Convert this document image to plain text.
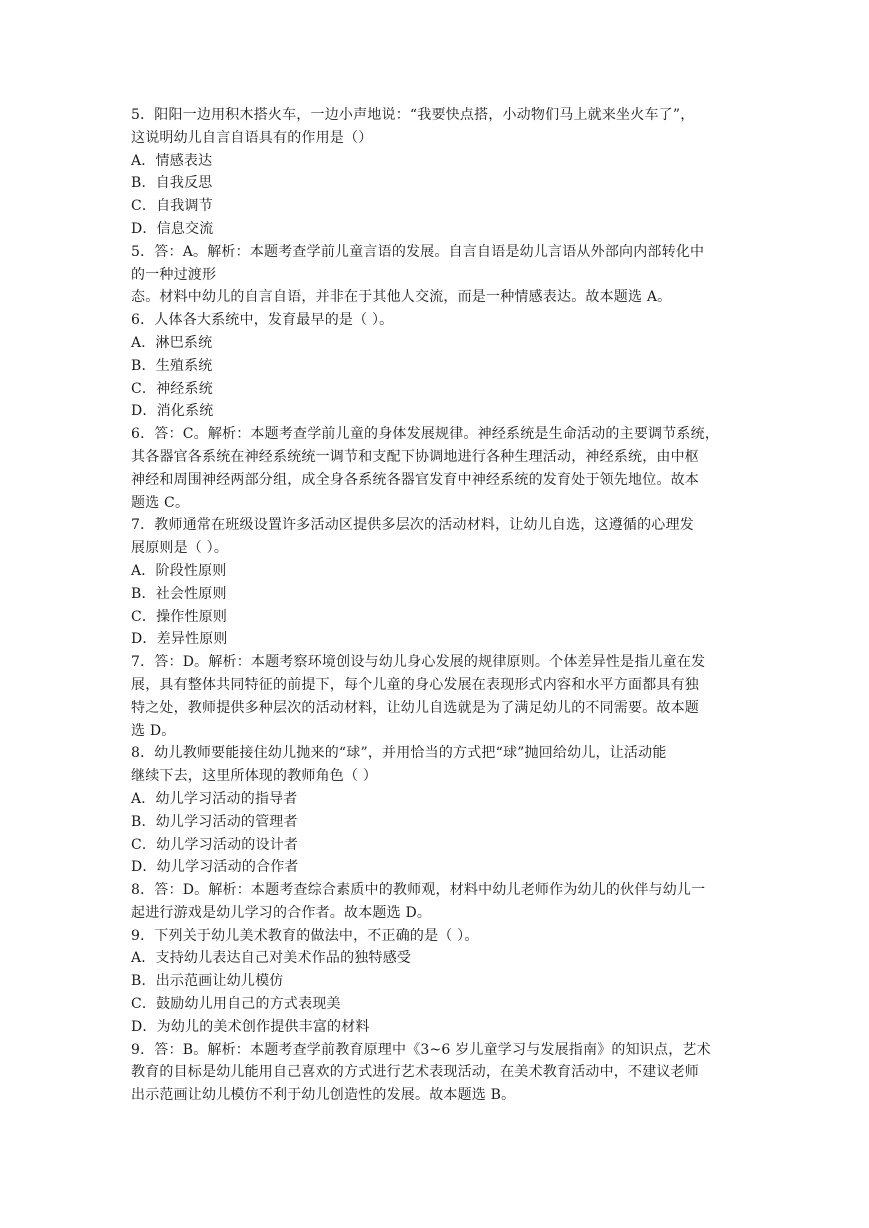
5．阳阳一边用积木搭火车，一边小声地说：“我要快点搭，小动物们马上就来坐火车了”，
这说明幼儿自言自语具有的作用是（）
A．情感表达
B．自我反思
C．自我调节
D．信息交流
5．答：A。解析：本题考查学前儿童言语的发展。自言自语是幼儿言语从外部向内部转化中
的一种过渡形
态。材料中幼儿的自言自语，并非在于其他人交流，而是一种情感表达。故本题选 A。
6．人体各大系统中，发育最早的是（ ）。
A．淋巴系统
B．生殖系统
C．神经系统
D．消化系统
6．答：C。解析：本题考查学前儿童的身体发展规律。神经系统是生命活动的主要调节系统，
其各器官各系统在神经系统统一调节和支配下协调地进行各种生理活动，神经系统，由中枢
神经和周围神经两部分组，成全身各系统各器官发育中神经系统的发育处于领先地位。故本
题选 C。
7．教师通常在班级设置许多活动区提供多层次的活动材料，让幼儿自选，这遵循的心理发
展原则是（ ）。
A．阶段性原则
B．社会性原则
C．操作性原则
D．差异性原则
7．答：D。解析：本题考察环境创设与幼儿身心发展的规律原则。个体差异性是指儿童在发
展，具有整体共同特征的前提下，每个儿童的身心发展在表现形式内容和水平方面都具有独
特之处，教师提供多种层次的活动材料，让幼儿自选就是为了满足幼儿的不同需要。故本题
选 D。
8．幼儿教师要能接住幼儿抛来的“球”，并用恰当的方式把“球”抛回给幼儿，让活动能
继续下去，这里所体现的教师角色（ ）
A．幼儿学习活动的指导者
B．幼儿学习活动的管理者
C．幼儿学习活动的设计者
D．幼儿学习活动的合作者
8．答：D。解析：本题考查综合素质中的教师观，材料中幼儿老师作为幼儿的伙伴与幼儿一
起进行游戏是幼儿学习的合作者。故本题选 D。
9．下列关于幼儿美术教育的做法中，不正确的是（ ）。
A．支持幼儿表达自己对美术作品的独特感受
B．出示范画让幼儿模仿
C．鼓励幼儿用自己的方式表现美
D．为幼儿的美术创作提供丰富的材料
9．答：B。解析：本题考查学前教育原理中《3~6 岁儿童学习与发展指南》的知识点，艺术
教育的目标是幼儿能用自己喜欢的方式进行艺术表现活动，在美术教育活动中，不建议老师
出示范画让幼儿模仿不利于幼儿创造性的发展。故本题选 B。
